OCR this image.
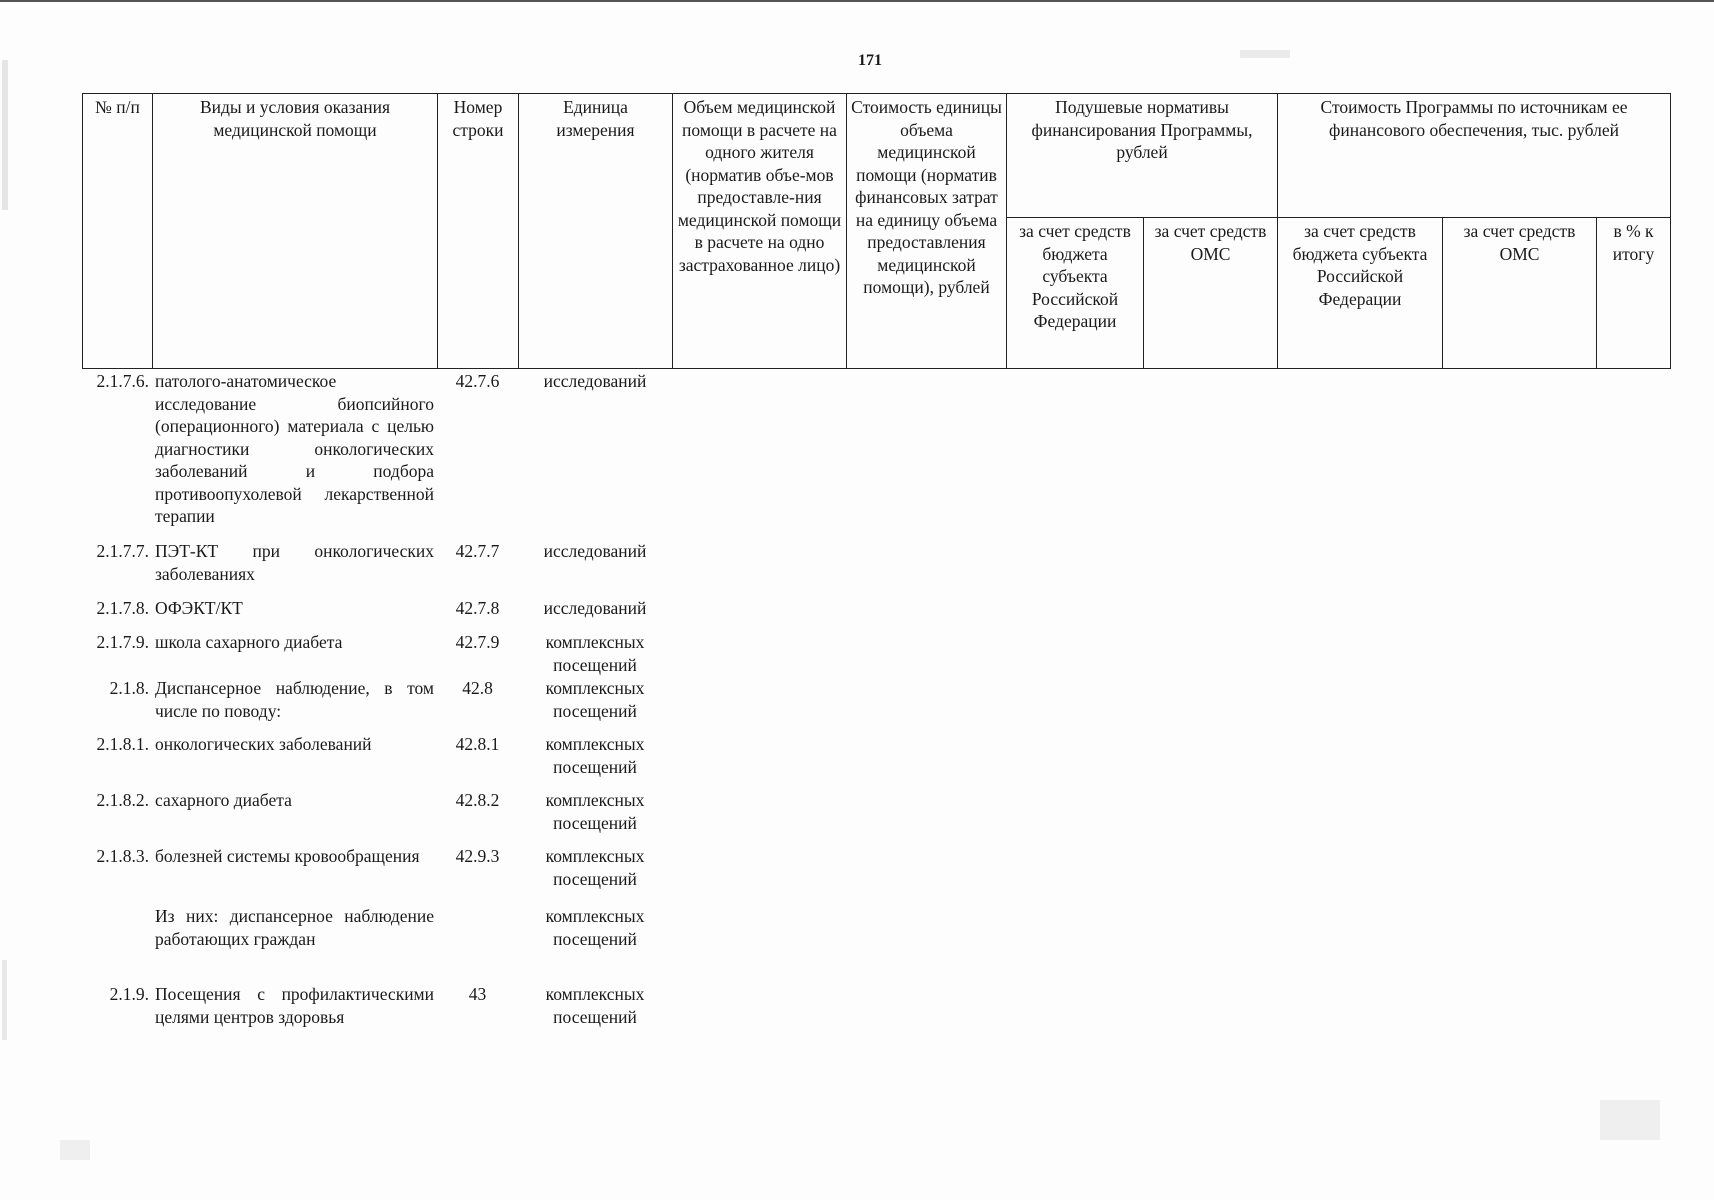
171
№ п/п	Виды и условия оказания медицинской помощи	Номер строки	Единица измерения	Объем медицинской помощи в расчете на одного жителя (норматив объе-мов предоставле-ния медицинской помощи в расчете на одно застрахованное лицо)	Стоимость единицы объема медицинской помощи (норматив финансовых затрат на единицу объема предоставления медицинской помощи), рублей	Подушевые нормативы финансирования Программы, рублей		Стоимость Программы по источникам ее финансового обеспечения, тыс. рублей		
						за счет средств бюджета субъекта Российской Федерации	за счет средств ОМС	за счет средств бюджета субъекта Российской Федерации	за счет средств ОМС	в % к итогу
2.1.7.6.	патолого-анатомическое исследование биопсийного (операционного) материала с целью диагностики онкологических заболеваний и подбора противоопухолевой лекарственной терапии	42.7.6	исследований
2.1.7.7.	ПЭТ-КТ при онкологических заболеваниях	42.7.7	исследований
2.1.7.8.	ОФЭКТ/КТ	42.7.8	исследований
2.1.7.9.	школа сахарного диабета	42.7.9	комплексных посещений
2.1.8.	Диспансерное наблюдение, в том числе по поводу:	42.8	комплексных посещений
2.1.8.1.	онкологических заболеваний	42.8.1	комплексных посещений
2.1.8.2.	сахарного диабета	42.8.2	комплексных посещений
2.1.8.3.	болезней системы кровообращения	42.9.3	комплексных посещений
	Из них: диспансерное наблюдение работающих граждан		комплексных посещений
2.1.9.	Посещения с профилактическими целями центров здоровья	43	комплексных посещений
